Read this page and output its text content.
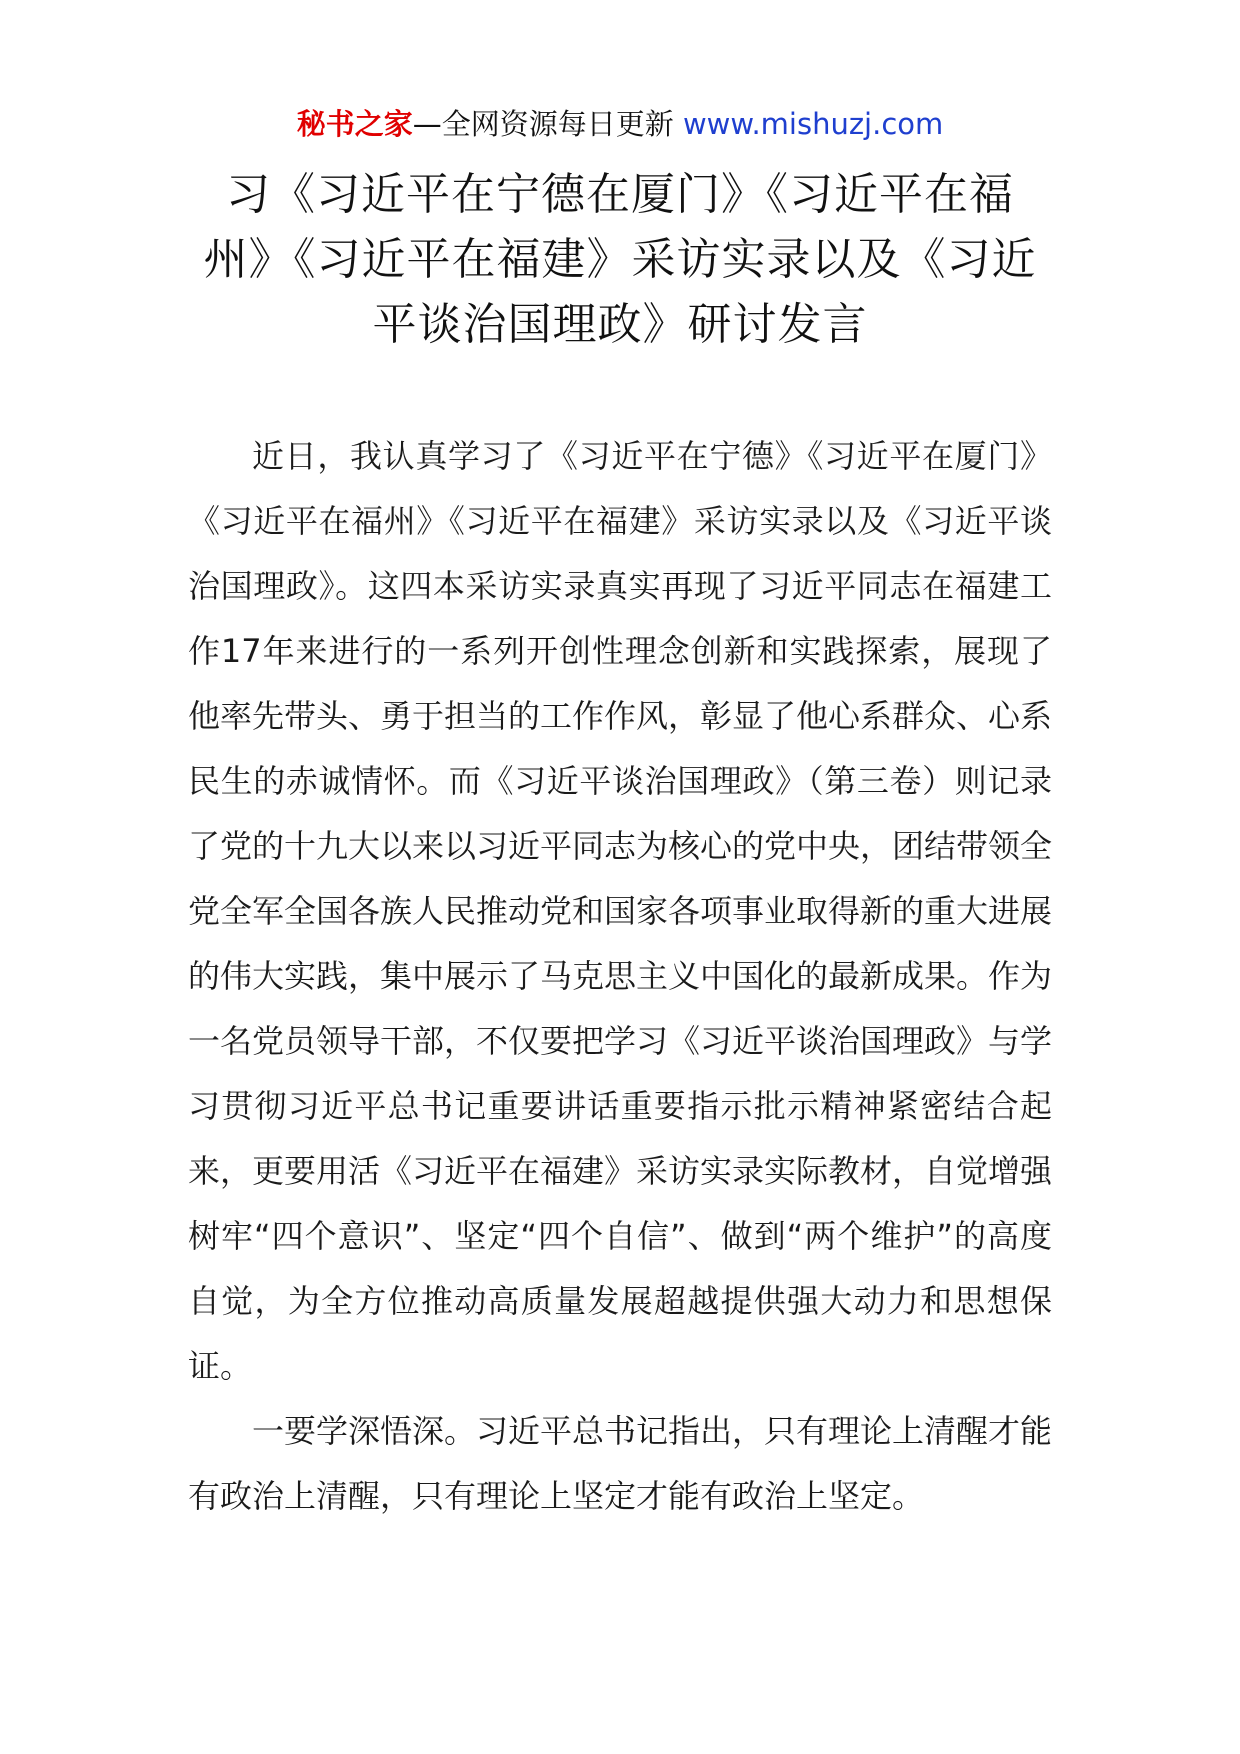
秘书之家—全网资源每日更新 www.mishuzj.com
习《习近平在宁德在厦门》《习近平在福州》《习近平在福建》采访实录以及《习近平谈治国理政》研讨发言

近日，我认真学习了《习近平在宁德》《习近平在厦门》《习近平在福州》《习近平在福建》采访实录以及《习近平谈治国理政》。这四本采访实录真实再现了习近平同志在福建工作17年来进行的一系列开创性理念创新和实践探索，展现了他率先带头、勇于担当的工作作风，彰显了他心系群众、心系民生的赤诚情怀。而《习近平谈治国理政》（第三卷）则记录了党的十九大以来以习近平同志为核心的党中央，团结带领全党全军全国各族人民推动党和国家各项事业取得新的重大进展的伟大实践，集中展示了马克思主义中国化的最新成果。作为一名党员领导干部，不仅要把学习《习近平谈治国理政》与学习贯彻习近平总书记重要讲话重要指示批示精神紧密结合起来，更要用活《习近平在福建》采访实录实际教材，自觉增强树牢“四个意识”、坚定“四个自信”、做到“两个维护”的高度自觉，为全方位推动高质量发展超越提供强大动力和思想保证。

一要学深悟深。习近平总书记指出，只有理论上清醒才能有政治上清醒，只有理论上坚定才能有政治上坚定。
